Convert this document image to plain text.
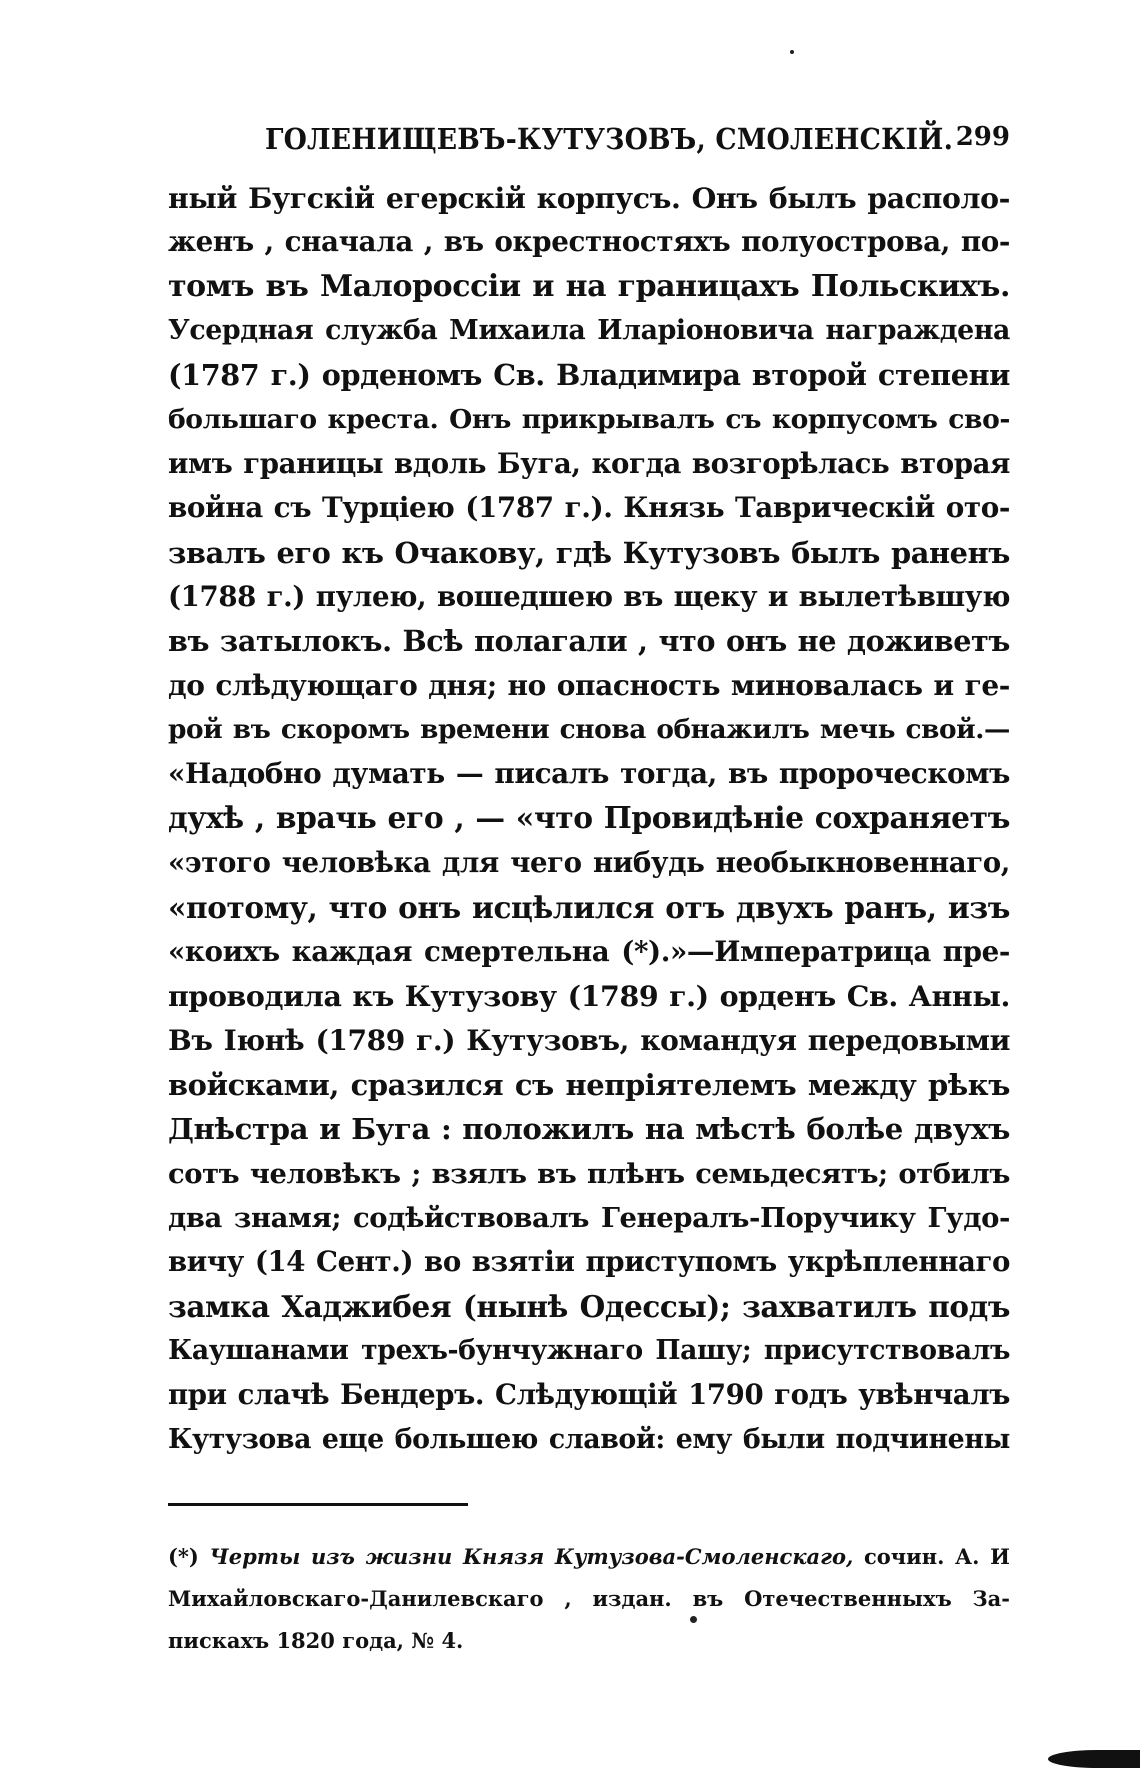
ГОЛЕНИЩЕВЪ-КУТУЗОВЪ, СМОЛЕНСКІЙ. 299
ный Бугскій егерскій корпусъ. Онъ былъ располо-
женъ , сначала , въ окрестностяхъ полуострова, по-
томъ въ Малороссіи и на границахъ Польскихъ.
Усердная служба Михаила Иларіоновича награждена
(1787 г.) орденомъ Св. Владимира второй степени
большаго креста. Онъ прикрывалъ съ корпусомъ сво-
имъ границы вдоль Буга, когда возгорѣлась вторая
война съ Турціею (1787 г.). Князь Таврическій ото-
звалъ его къ Очакову, гдѣ Кутузовъ былъ раненъ
(1788 г.) пулею, вошедшею въ щеку и вылетѣвшую
въ затылокъ. Всѣ полагали , что онъ не доживетъ
до слѣдующаго дня; но опасность миновалась и ге-
рой въ скоромъ времени снова обнажилъ мечь свой.—
«Надобно думать — писалъ тогда, въ пророческомъ
духѣ , врачь его , — «что Провидѣніе сохраняетъ
«этого человѣка для чего нибудь необыкновеннаго,
«потому, что онъ исцѣлился отъ двухъ ранъ, изъ
«коихъ каждая смертельна (*).»—Императрица пре-
проводила къ Кутузову (1789 г.) орденъ Св. Анны.
Въ Іюнѣ (1789 г.) Кутузовъ, командуя передовыми
войсками, сразился съ непріятелемъ между рѣкъ
Днѣстра и Буга : положилъ на мѣстѣ болѣе двухъ
сотъ человѣкъ ; взялъ въ плѣнъ семьдесятъ; отбилъ
два знамя; содѣйствовалъ Генералъ-Поручику Гудо-
вичу (14 Сент.) во взятіи приступомъ укрѣпленнаго
замка Хаджибея (нынѣ Одессы); захватилъ подъ
Каушанами трехъ-бунчужнаго Пашу; присутствовалъ
при слачѣ Бендеръ. Слѣдующій 1790 годъ увѣнчалъ
Кутузова еще большею славой: ему были подчинены
(*) Черты изъ жизни Князя Кутузова-Смоленскаго, сочин. А. И
Михайловскаго-Данилевскаго , издан. въ Отечественныхъ За-
пискахъ 1820 года, № 4.
